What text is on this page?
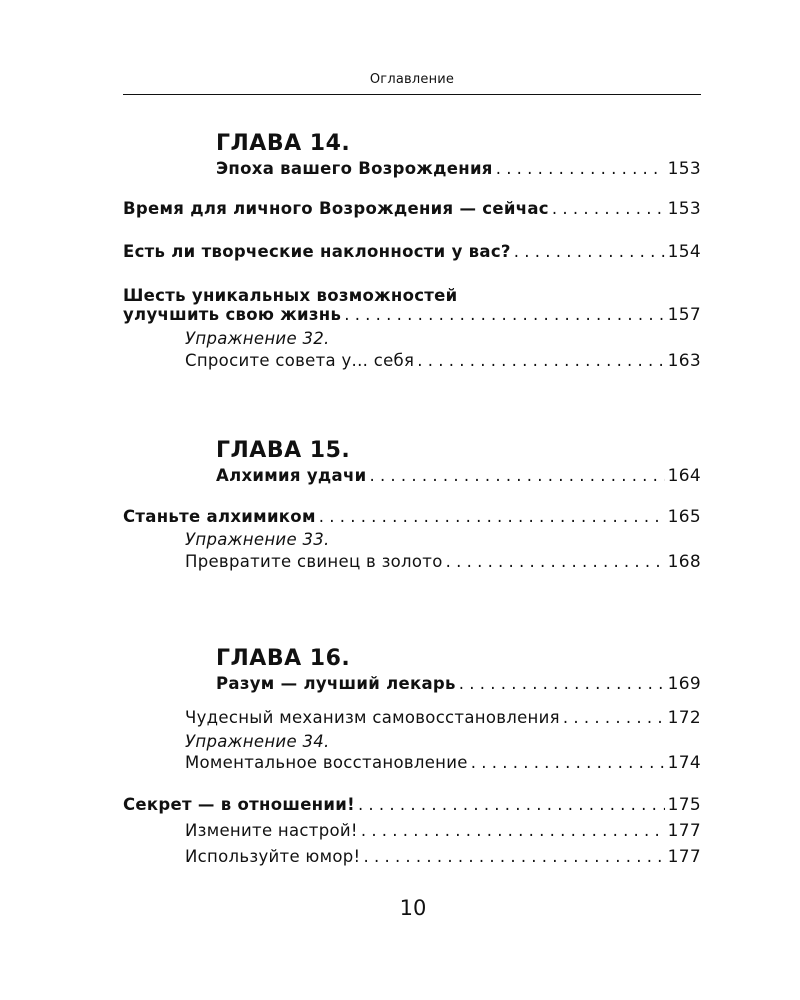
Оглавление
ГЛАВА 14.
Эпоха вашего Возрождения . . .	153
Время для личного Возрождения — сейчас . . .	153
Есть ли творческие наклонности у вас? . . .	154
Шесть уникальных возможностей
улучшить свою жизнь . . .	157
Упражнение 32.
Спросите совета у... себя . . .	163
ГЛАВА 15.
Алхимия удачи . . .	164
Станьте алхимиком . . .	165
Упражнение 33.
Превратите свинец в золото . . .	168
ГЛАВА 16.
Разум — лучший лекарь . . .	169
Чудесный механизм самовосстановления . . .	172
Упражнение 34.
Моментальное восстановление . . .	174
Секрет — в отношении! . . .	175
Измените настрой! . . .	177
Используйте юмор! . . .	177
10
